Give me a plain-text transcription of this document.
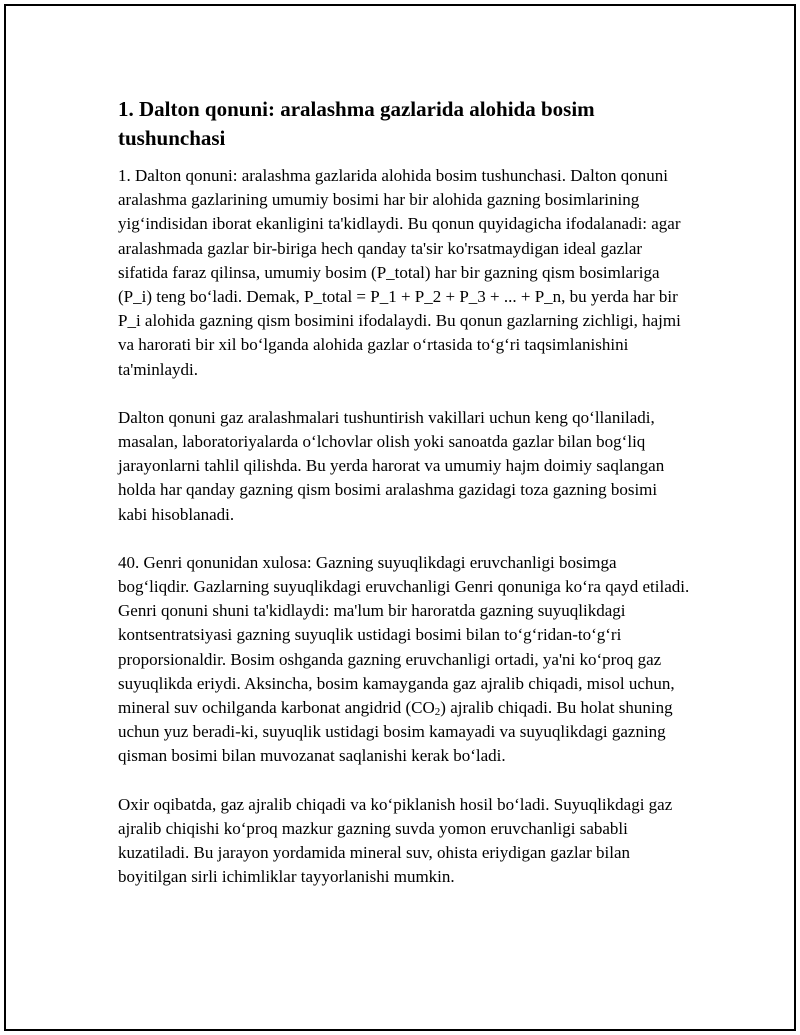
1. Dalton qonuni: aralashma gazlarida alohida bosim tushunchasi

1. Dalton qonuni: aralashma gazlarida alohida bosim tushunchasi. Dalton qonuni aralashma gazlarining umumiy bosimi har bir alohida gazning bosimlarining yig‘indisidan iborat ekanligini ta'kidlaydi. Bu qonun quyidagicha ifodalanadi: agar aralashmada gazlar bir-biriga hech qanday ta'sir ko'rsatmaydigan ideal gazlar sifatida faraz qilinsa, umumiy bosim (P_total) har bir gazning qism bosimlariga (P_i) teng bo‘ladi. Demak, P_total = P_1 + P_2 + P_3 + ... + P_n, bu yerda har bir P_i alohida gazning qism bosimini ifodalaydi. Bu qonun gazlarning zichligi, hajmi va harorati bir xil bo‘lganda alohida gazlar o‘rtasida to‘g‘ri taqsimlanishini ta'minlaydi.

Dalton qonuni gaz aralashmalari tushuntirish vakillari uchun keng qo‘llaniladi, masalan, laboratoriyalarda o‘lchovlar olish yoki sanoatda gazlar bilan bog‘liq jarayonlarni tahlil qilishda. Bu yerda harorat va umumiy hajm doimiy saqlangan holda har qanday gazning qism bosimi aralashma gazidagi toza gazning bosimi kabi hisoblanadi.

40. Genri qonunidan xulosa: Gazning suyuqlikdagi eruvchanligi bosimga bog‘liqdir. Gazlarning suyuqlikdagi eruvchanligi Genri qonuniga ko‘ra qayd etiladi. Genri qonuni shuni ta'kidlaydi: ma'lum bir haroratda gazning suyuqlikdagi kontsentratsiyasi gazning suyuqlik ustidagi bosimi bilan to‘g‘ridan-to‘g‘ri proporsionaldir. Bosim oshganda gazning eruvchanligi ortadi, ya'ni ko‘proq gaz suyuqlikda eriydi. Aksincha, bosim kamayganda gaz ajralib chiqadi, misol uchun, mineral suv ochilganda karbonat angidrid $(CO_2)$ ajralib chiqadi. Bu holat shuning uchun yuz beradi-ki, suyuqlik ustidagi bosim kamayadi va suyuqlikdagi gazning qisman bosimi bilan muvozanat saqlanishi kerak bo‘ladi.

Oxir oqibatda, gaz ajralib chiqadi va ko‘piklanish hosil bo‘ladi. Suyuqlikdagi gaz ajralib chiqishi ko‘proq mazkur gazning suvda yomon eruvchanligi sababli kuzatiladi. Bu jarayon yordamida mineral suv, ohista eriydigan gazlar bilan boyitilgan sirli ichimliklar tayyorlanishi mumkin.
